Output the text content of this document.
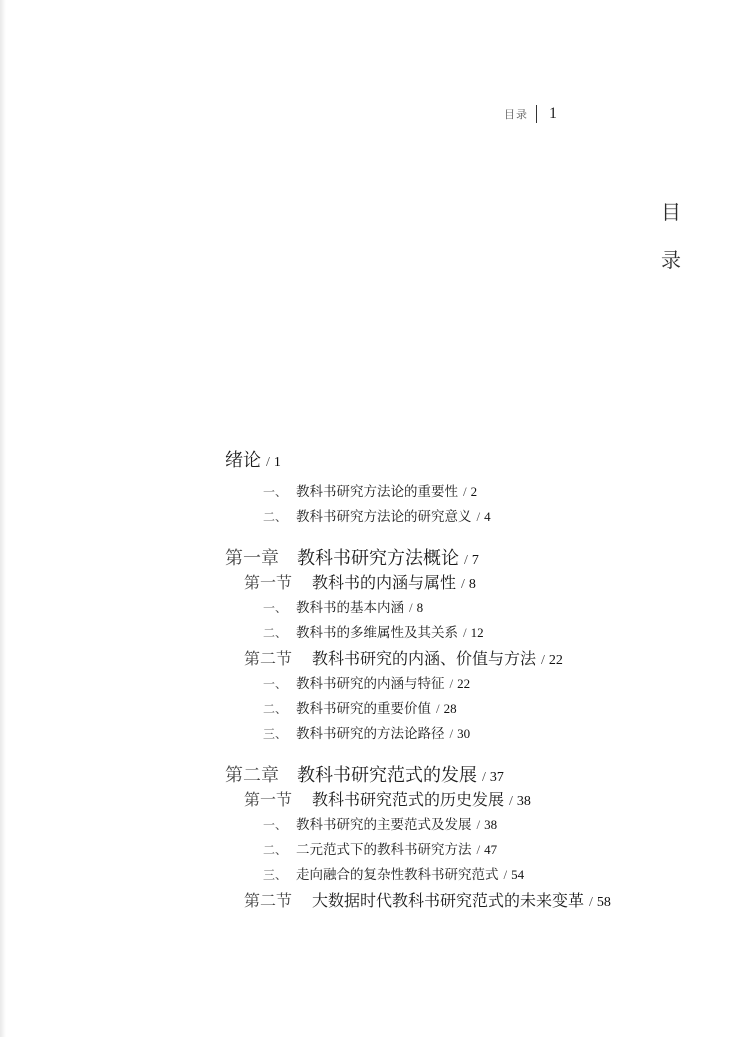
目录 1
目
录
绪论 / 1
一、 教科书研究方法论的重要性 / 2
二、 教科书研究方法论的研究意义 / 4
第一章	教科书研究方法概论 / 7
第一节	教科书的内涵与属性 / 8
一、 教科书的基本内涵 / 8
二、 教科书的多维属性及其关系 / 12
第二节	教科书研究的内涵、价值与方法 / 22
一、 教科书研究的内涵与特征 / 22
二、 教科书研究的重要价值 / 28
三、 教科书研究的方法论路径 / 30
第二章	教科书研究范式的发展 / 37
第一节	教科书研究范式的历史发展 / 38
一、 教科书研究的主要范式及发展 / 38
二、 二元范式下的教科书研究方法 / 47
三、 走向融合的复杂性教科书研究范式 / 54
第二节	大数据时代教科书研究范式的未来变革 / 58
